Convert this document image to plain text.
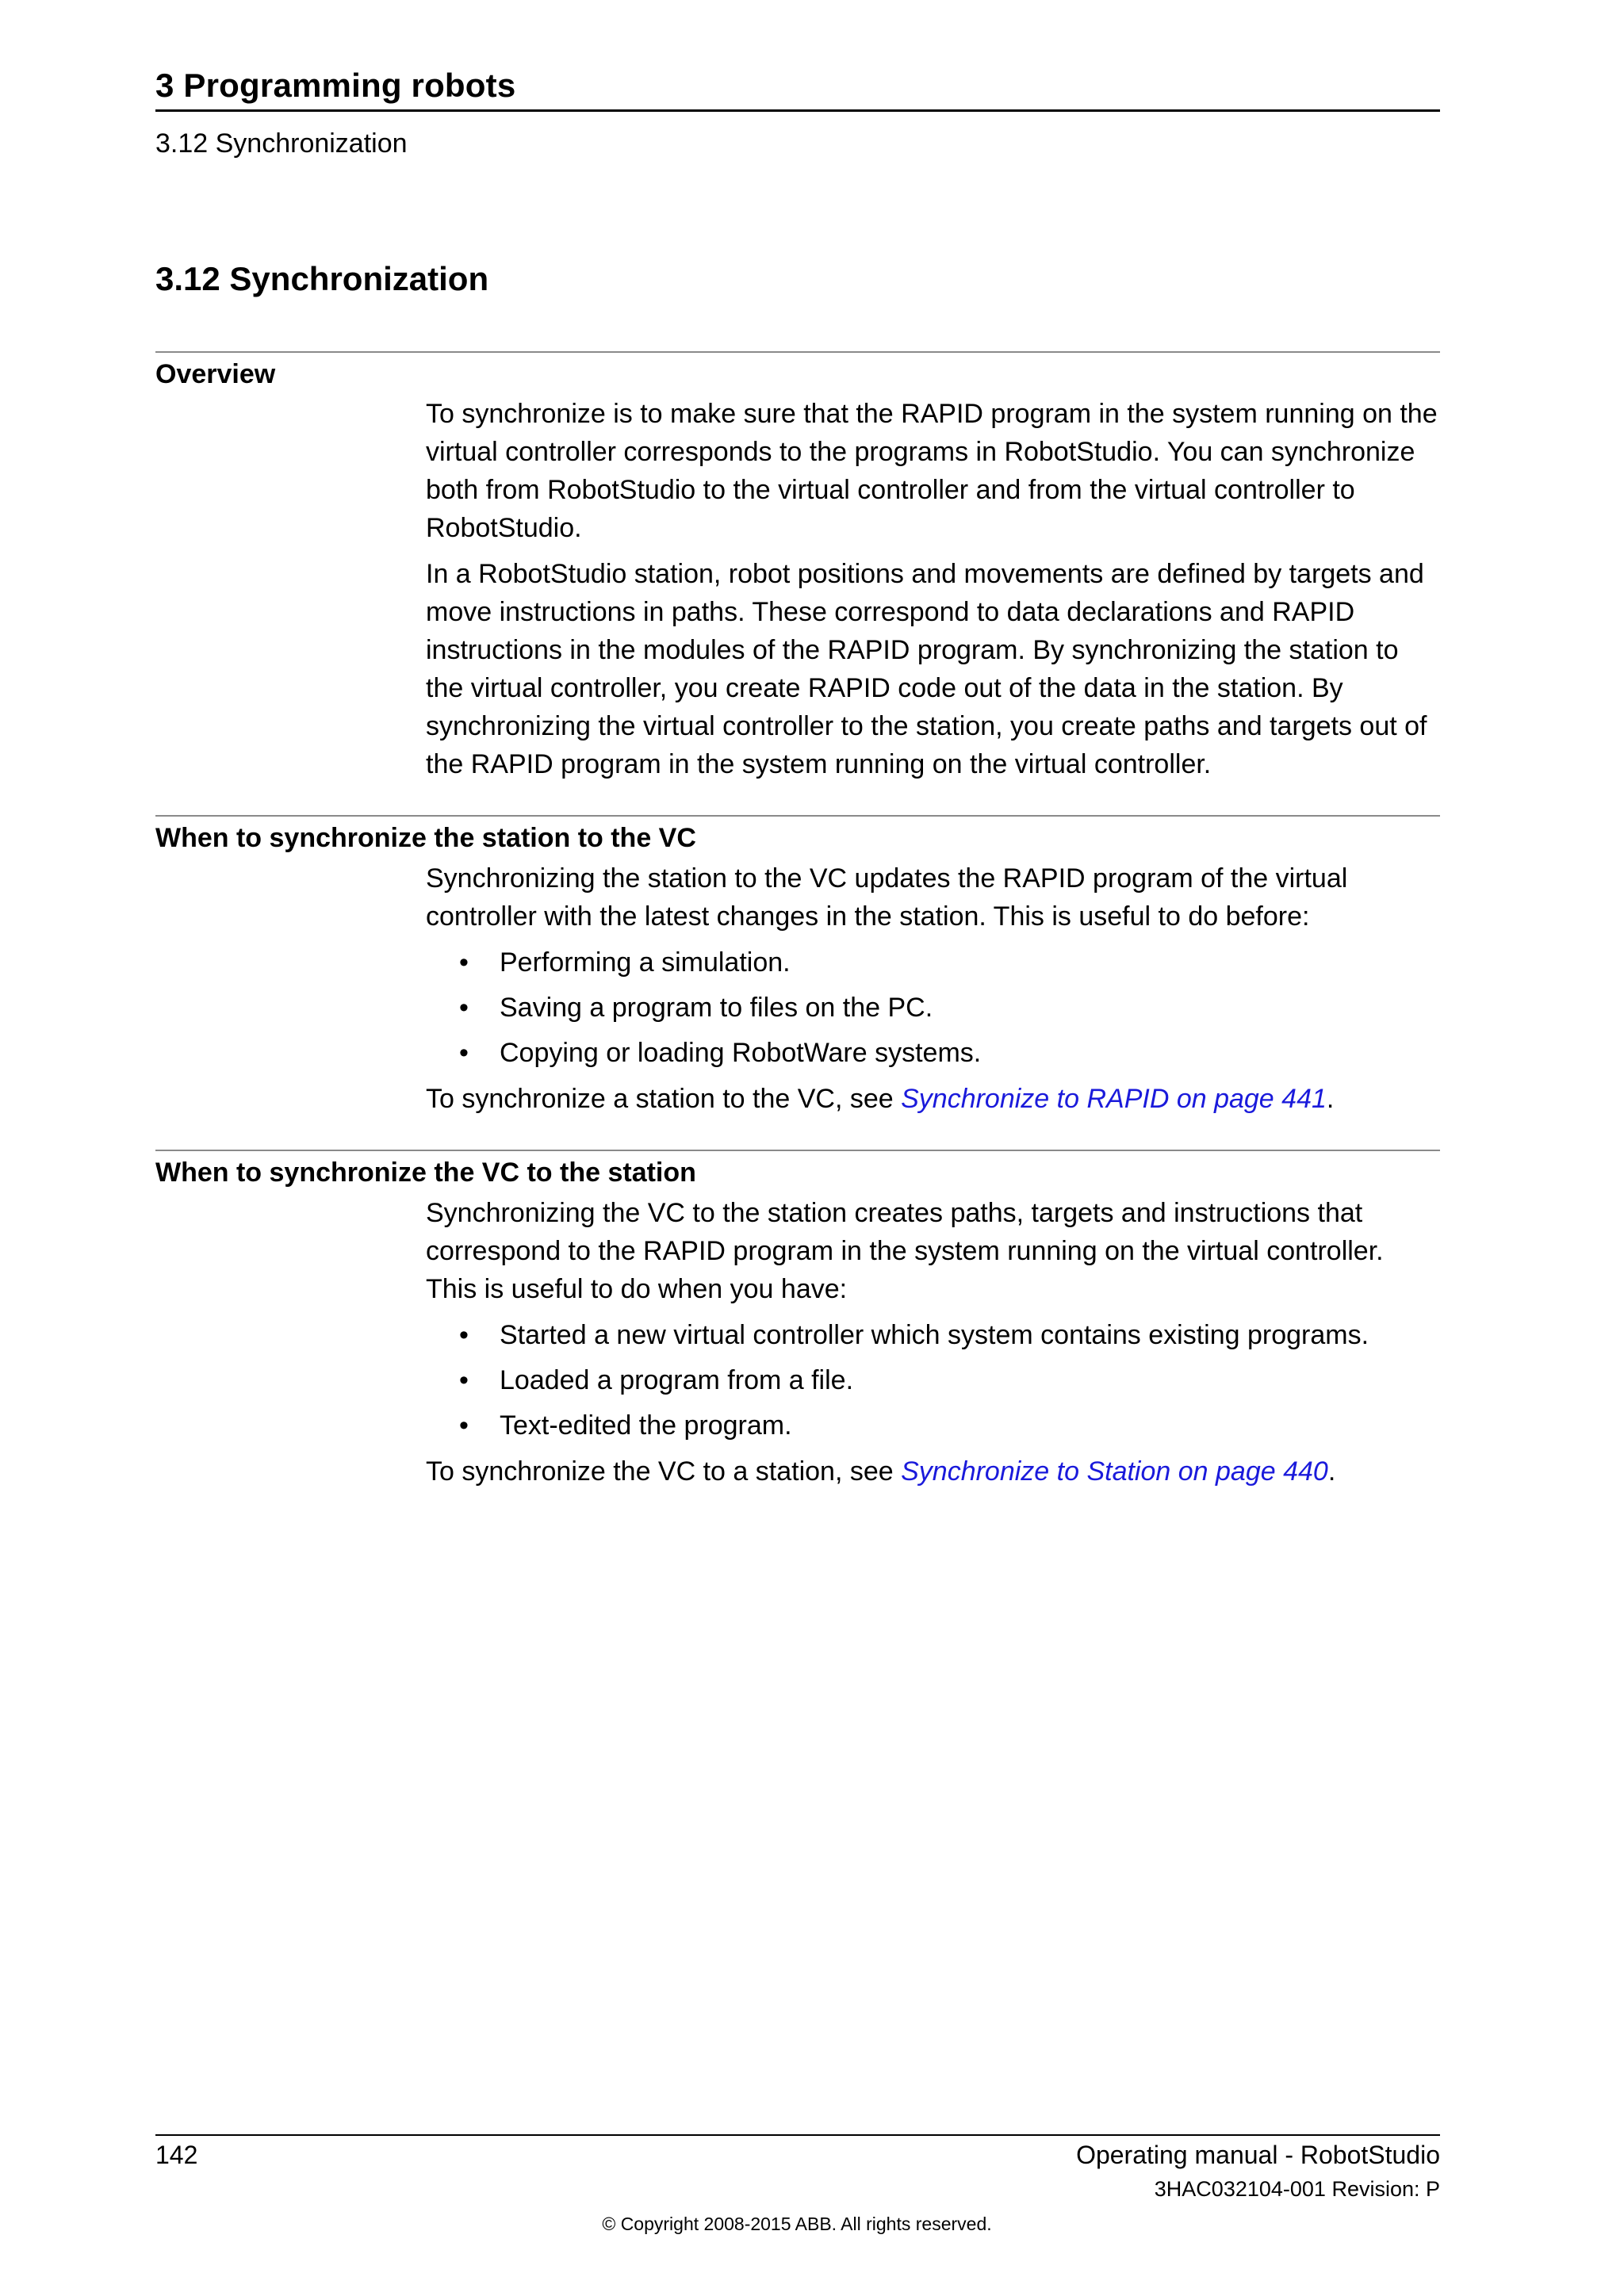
3 Programming robots
3.12 Synchronization
3.12 Synchronization
Overview

To synchronize is to make sure that the RAPID program in the system running on the virtual controller corresponds to the programs in RobotStudio. You can synchronize both from RobotStudio to the virtual controller and from the virtual controller to RobotStudio.

In a RobotStudio station, robot positions and movements are defined by targets and move instructions in paths. These correspond to data declarations and RAPID instructions in the modules of the RAPID program. By synchronizing the station to the virtual controller, you create RAPID code out of the data in the station. By synchronizing the virtual controller to the station, you create paths and targets out of the RAPID program in the system running on the virtual controller.

When to synchronize the station to the VC

Synchronizing the station to the VC updates the RAPID program of the virtual controller with the latest changes in the station. This is useful to do before:

• Performing a simulation.
• Saving a program to files on the PC.
• Copying or loading RobotWare systems.

To synchronize a station to the VC, see Synchronize to RAPID on page 441.

When to synchronize the VC to the station

Synchronizing the VC to the station creates paths, targets and instructions that correspond to the RAPID program in the system running on the virtual controller. This is useful to do when you have:

• Started a new virtual controller which system contains existing programs.
• Loaded a program from a file.
• Text-edited the program.

To synchronize the VC to a station, see Synchronize to Station on page 440.

142	Operating manual - RobotStudio
3HAC032104-001 Revision: P
© Copyright 2008-2015 ABB. All rights reserved.
